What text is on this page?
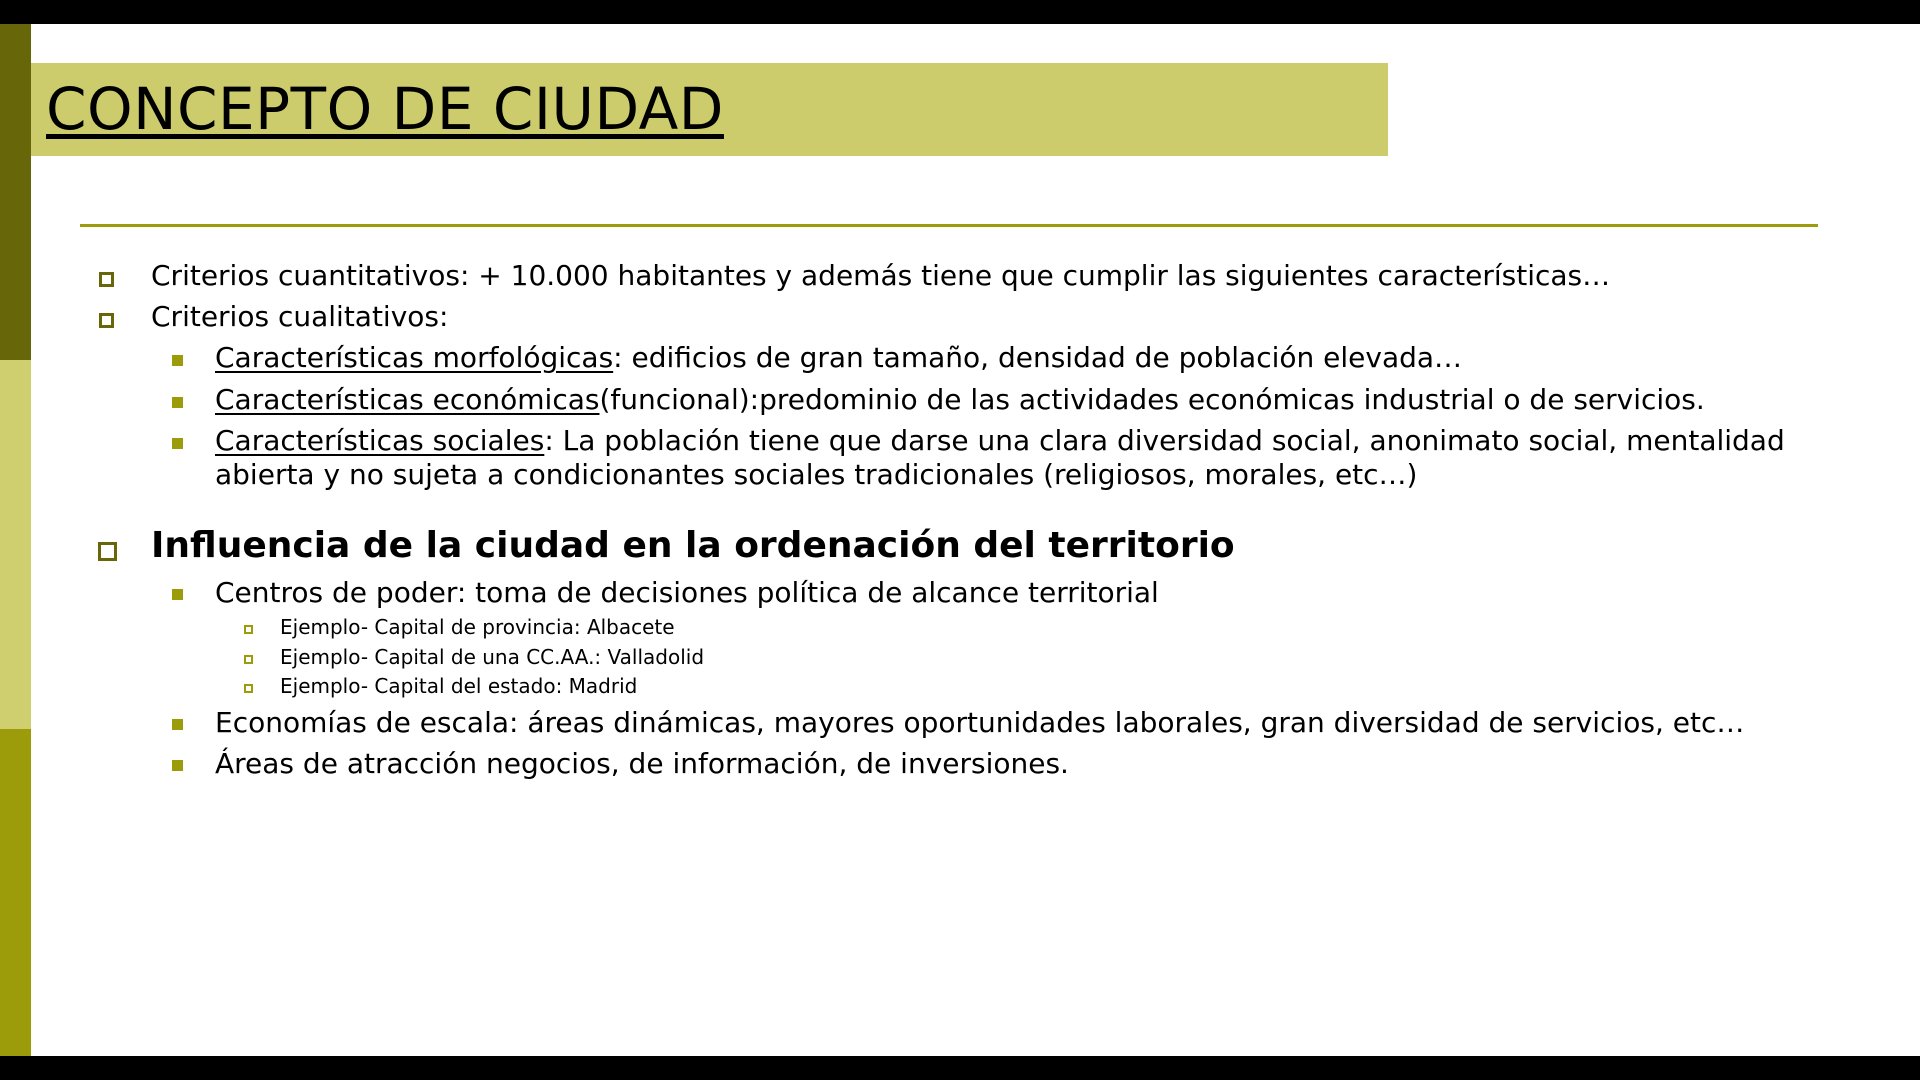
CONCEPTO DE CIUDAD
Criterios cuantitativos: + 10.000 habitantes y además tiene que cumplir las siguientes características…
Criterios cualitativos:
Características morfológicas: edificios de gran tamaño, densidad de población elevada…
Características económicas(funcional):predominio de las actividades económicas industrial o de servicios.
Características sociales: La población tiene que darse una clara diversidad social, anonimato social, mentalidad
abierta y no sujeta a condicionantes sociales tradicionales (religiosos, morales, etc…)
Influencia de la ciudad en la ordenación del territorio
Centros de poder: toma de decisiones política de alcance territorial
Ejemplo- Capital de provincia: Albacete
Ejemplo- Capital de una CC.AA.: Valladolid
Ejemplo- Capital del estado: Madrid
Economías de escala: áreas dinámicas, mayores oportunidades laborales, gran diversidad de servicios, etc…
Áreas de atracción negocios, de información, de inversiones.
